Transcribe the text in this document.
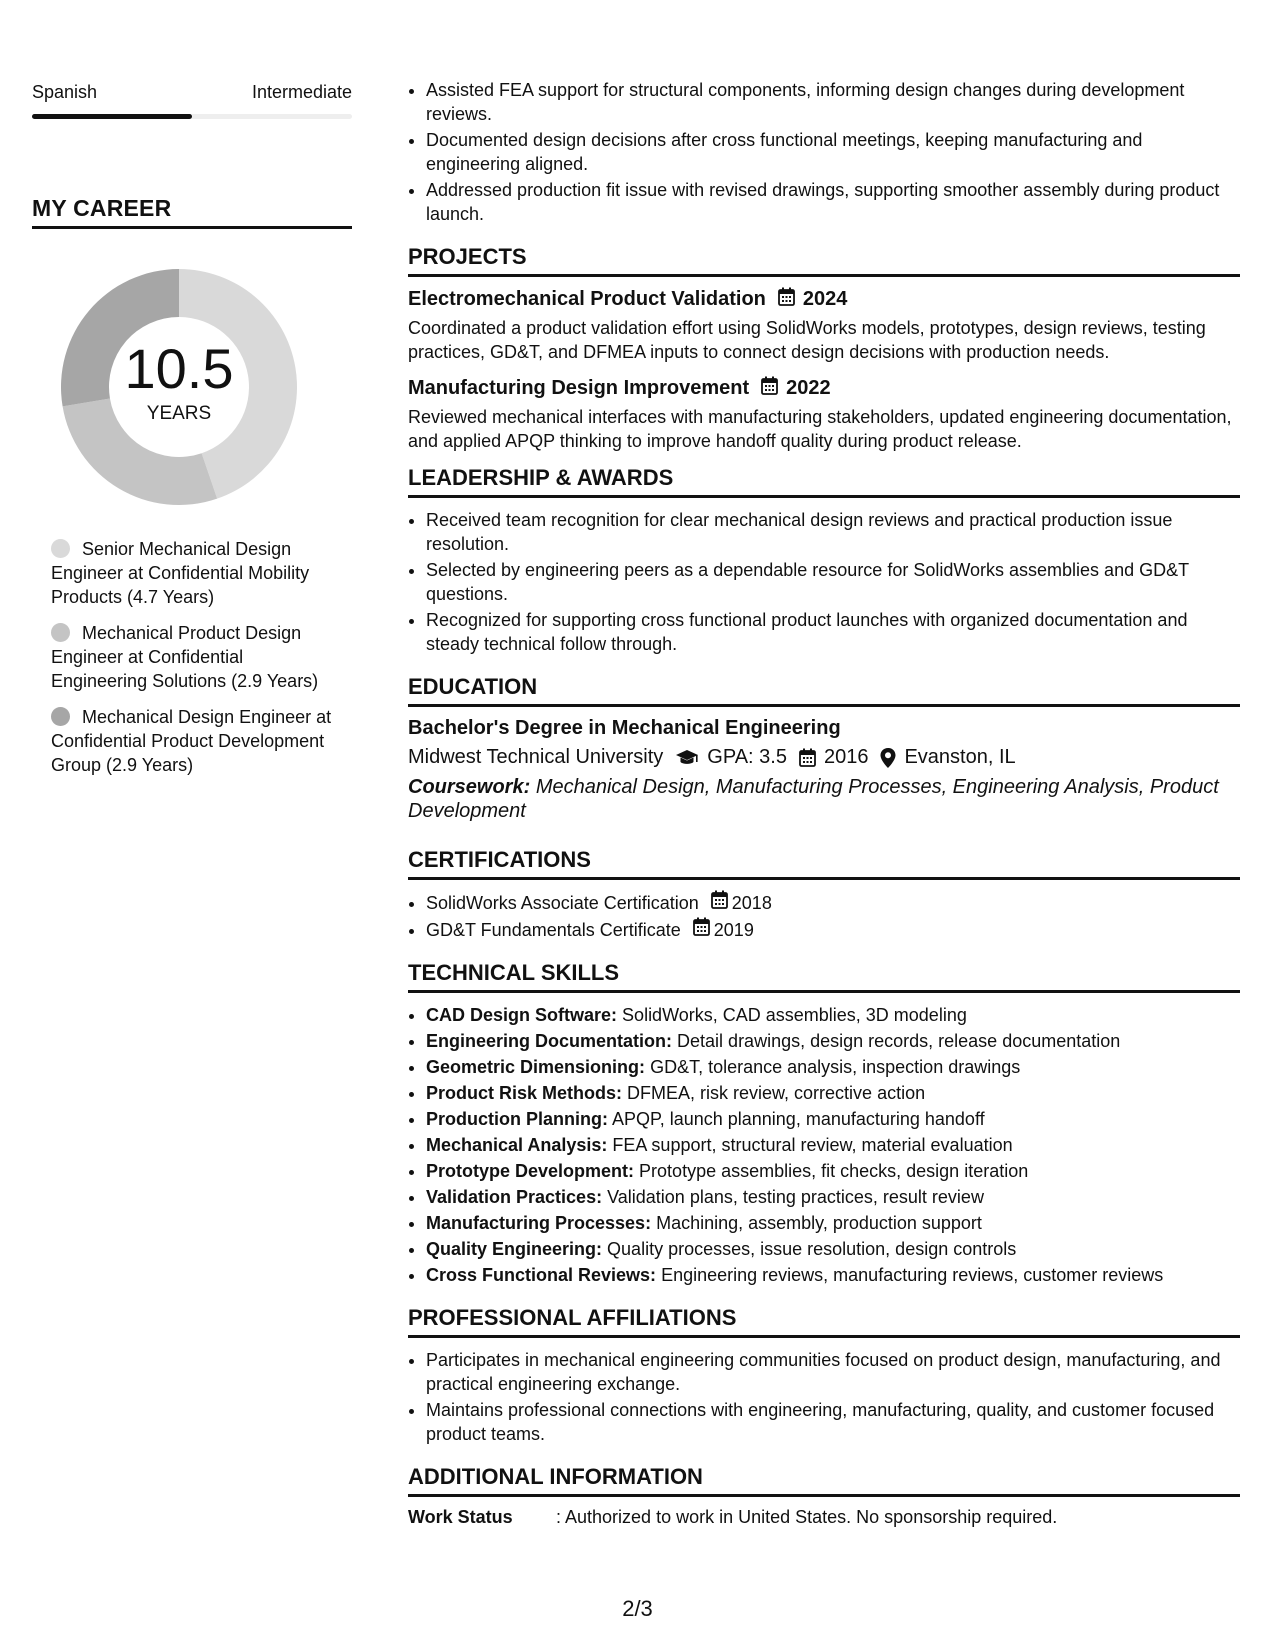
Spanish	Intermediate
MY CAREER
10.5
YEARS
Senior Mechanical Design Engineer at Confidential Mobility Products (4.7 Years)
Mechanical Product Design Engineer at Confidential Engineering Solutions (2.9 Years)
Mechanical Design Engineer at Confidential Product Development Group (2.9 Years)
• Assisted FEA support for structural components, informing design changes during development reviews.
• Documented design decisions after cross functional meetings, keeping manufacturing and engineering aligned.
• Addressed production fit issue with revised drawings, supporting smoother assembly during product launch.
PROJECTS
Electromechanical Product Validation 2024
Coordinated a product validation effort using SolidWorks models, prototypes, design reviews, testing practices, GD&T, and DFMEA inputs to connect design decisions with production needs.
Manufacturing Design Improvement 2022
Reviewed mechanical interfaces with manufacturing stakeholders, updated engineering documentation, and applied APQP thinking to improve handoff quality during product release.
LEADERSHIP & AWARDS
• Received team recognition for clear mechanical design reviews and practical production issue resolution.
• Selected by engineering peers as a dependable resource for SolidWorks assemblies and GD&T questions.
• Recognized for supporting cross functional product launches with organized documentation and steady technical follow through.
EDUCATION
Bachelor's Degree in Mechanical Engineering
Midwest Technical University GPA: 3.5 2016 Evanston, IL
Coursework: Mechanical Design, Manufacturing Processes, Engineering Analysis, Product Development
CERTIFICATIONS
• SolidWorks Associate Certification 2018
• GD&T Fundamentals Certificate 2019
TECHNICAL SKILLS
• CAD Design Software: SolidWorks, CAD assemblies, 3D modeling
• Engineering Documentation: Detail drawings, design records, release documentation
• Geometric Dimensioning: GD&T, tolerance analysis, inspection drawings
• Product Risk Methods: DFMEA, risk review, corrective action
• Production Planning: APQP, launch planning, manufacturing handoff
• Mechanical Analysis: FEA support, structural review, material evaluation
• Prototype Development: Prototype assemblies, fit checks, design iteration
• Validation Practices: Validation plans, testing practices, result review
• Manufacturing Processes: Machining, assembly, production support
• Quality Engineering: Quality processes, issue resolution, design controls
• Cross Functional Reviews: Engineering reviews, manufacturing reviews, customer reviews
PROFESSIONAL AFFILIATIONS
• Participates in mechanical engineering communities focused on product design, manufacturing, and practical engineering exchange.
• Maintains professional connections with engineering, manufacturing, quality, and customer focused product teams.
ADDITIONAL INFORMATION
Work Status	: Authorized to work in United States. No sponsorship required.
2/3
